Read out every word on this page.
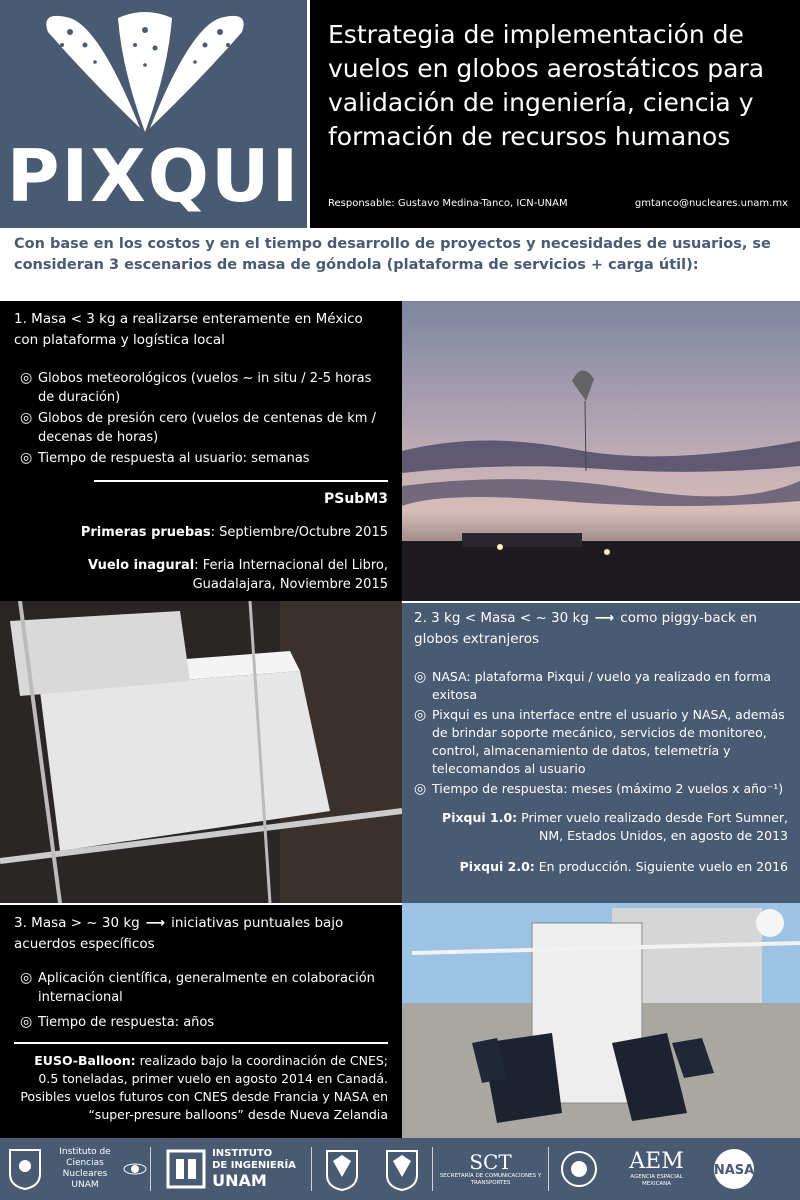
PIXQUI
Estrategia de implementación de vuelos en globos aerostáticos para validación de ingeniería, ciencia y formación de recursos humanos
Responsable: Gustavo Medina-Tanco, ICN-UNAM	gmtanco@nucleares.unam.mx
Con base en los costos y en el tiempo desarrollo de proyectos y necesidades de usuarios, se consideran 3 escenarios de masa de góndola (plataforma de servicios + carga útil):
1. Masa < 3 kg a realizarse enteramente en México con plataforma y logística local
◎ Globos meteorológicos (vuelos ~ in situ / 2-5 horas de duración)
◎ Globos de presión cero (vuelos de centenas de km / decenas de horas)
◎ Tiempo de respuesta al usuario: semanas
PSubM3
Primeras pruebas: Septiembre/Octubre 2015
Vuelo inagural: Feria Internacional del Libro, Guadalajara, Noviembre 2015
2. 3 kg < Masa < ~ 30 kg ⟶ como piggy-back en globos extranjeros
◎ NASA: plataforma Pixqui / vuelo ya realizado en forma exitosa
◎ Pixqui es una interface entre el usuario y NASA, además de brindar soporte mecánico, servicios de monitoreo, control, almacenamiento de datos, telemetría y telecomandos al usuario
◎ Tiempo de respuesta: meses (máximo 2 vuelos x año⁻¹)
Pixqui 1.0: Primer vuelo realizado desde Fort Sumner, NM, Estados Unidos, en agosto de 2013
Pixqui 2.0: En producción. Siguiente vuelo en 2016
3. Masa > ~ 30 kg ⟶ iniciativas puntuales bajo acuerdos específicos
◎ Aplicación científica, generalmente en colaboración internacional
◎ Tiempo de respuesta: años
EUSO-Balloon: realizado bajo la coordinación de CNES; 0.5 toneladas, primer vuelo en agosto 2014 en Canadá. Posibles vuelos futuros con CNES desde Francia y NASA en “super-presure balloons” desde Nueva Zelandia
Instituto de Ciencias Nucleares UNAM
INSTITUTO
DE INGENIERÍA
UNAM
SCT
SECRETARÍA DE COMUNICACIONES Y TRANSPORTES
AEM
AGENCIA ESPACIAL MEXICANA
NASA
